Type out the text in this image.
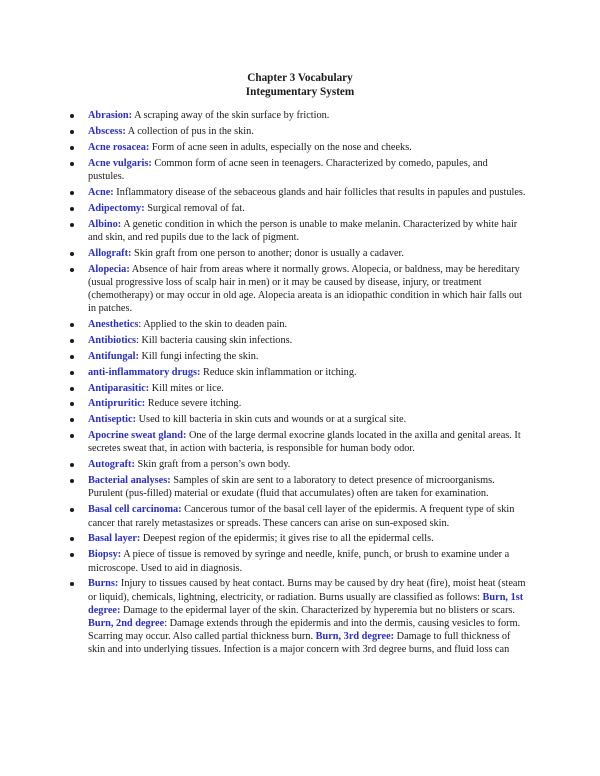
Chapter 3 Vocabulary
Integumentary System
Abrasion: A scraping away of the skin surface by friction.
Abscess: A collection of pus in the skin.
Acne rosacea: Form of acne seen in adults, especially on the nose and cheeks.
Acne vulgaris: Common form of acne seen in teenagers. Characterized by comedo, papules, and pustules.
Acne: Inflammatory disease of the sebaceous glands and hair follicles that results in papules and pustules.
Adipectomy: Surgical removal of fat.
Albino: A genetic condition in which the person is unable to make melanin. Characterized by white hair and skin, and red pupils due to the lack of pigment.
Allograft: Skin graft from one person to another; donor is usually a cadaver.
Alopecia: Absence of hair from areas where it normally grows. Alopecia, or baldness, may be hereditary (usual progressive loss of scalp hair in men) or it may be caused by disease, injury, or treatment (chemotherapy) or may occur in old age. Alopecia areata is an idiopathic condition in which hair falls out in patches.
Anesthetics: Applied to the skin to deaden pain.
Antibiotics: Kill bacteria causing skin infections.
Antifungal: Kill fungi infecting the skin.
anti-inflammatory drugs: Reduce skin inflammation or itching.
Antiparasitic: Kill mites or lice.
Antipruritic: Reduce severe itching.
Antiseptic: Used to kill bacteria in skin cuts and wounds or at a surgical site.
Apocrine sweat gland: One of the large dermal exocrine glands located in the axilla and genital areas. It secretes sweat that, in action with bacteria, is responsible for human body odor.
Autograft: Skin graft from a person’s own body.
Bacterial analyses: Samples of skin are sent to a laboratory to detect presence of microorganisms. Purulent (pus-filled) material or exudate (fluid that accumulates) often are taken for examination.
Basal cell carcinoma: Cancerous tumor of the basal cell layer of the epidermis. A frequent type of skin cancer that rarely metastasizes or spreads. These cancers can arise on sun-exposed skin.
Basal layer: Deepest region of the epidermis; it gives rise to all the epidermal cells.
Biopsy: A piece of tissue is removed by syringe and needle, knife, punch, or brush to examine under a microscope. Used to aid in diagnosis.
Burns: Injury to tissues caused by heat contact. Burns may be caused by dry heat (fire), moist heat (steam or liquid), chemicals, lightning, electricity, or radiation. Burns usually are classified as follows: Burn, 1st degree: Damage to the epidermal layer of the skin. Characterized by hyperemia but no blisters or scars. Burn, 2nd degree: Damage extends through the epidermis and into the dermis, causing vesicles to form. Scarring may occur. Also called partial thickness burn. Burn, 3rd degree: Damage to full thickness of skin and into underlying tissues. Infection is a major concern with 3rd degree burns, and fluid loss can
